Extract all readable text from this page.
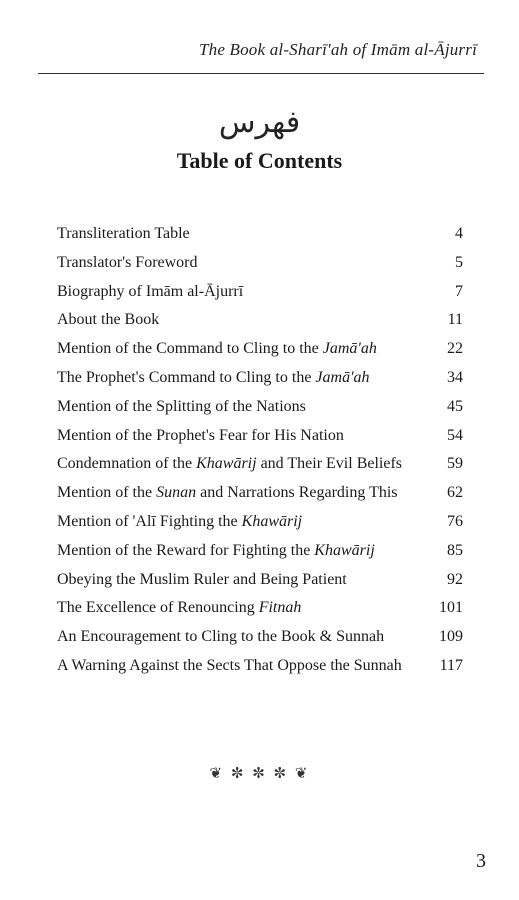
The Book al-Sharī'ah of Imām al-Ājurrī
فهرس
Table of Contents
Transliteration Table	4
Translator's Foreword	5
Biography of Imām al-Ājurrī	7
About the Book	11
Mention of the Command to Cling to the Jamā'ah	22
The Prophet's Command to Cling to the Jamā'ah	34
Mention of the Splitting of the Nations	45
Mention of the Prophet's Fear for His Nation	54
Condemnation of the Khawārij and Their Evil Beliefs	59
Mention of the Sunan and Narrations Regarding This	62
Mention of 'Alī Fighting the Khawārij	76
Mention of the Reward for Fighting the Khawārij	85
Obeying the Muslim Ruler and Being Patient	92
The Excellence of Renouncing Fitnah	101
An Encouragement to Cling to the Book & Sunnah	109
A Warning Against the Sects That Oppose the Sunnah 117
❦ ✼ ✼ ✼ ❦
3
